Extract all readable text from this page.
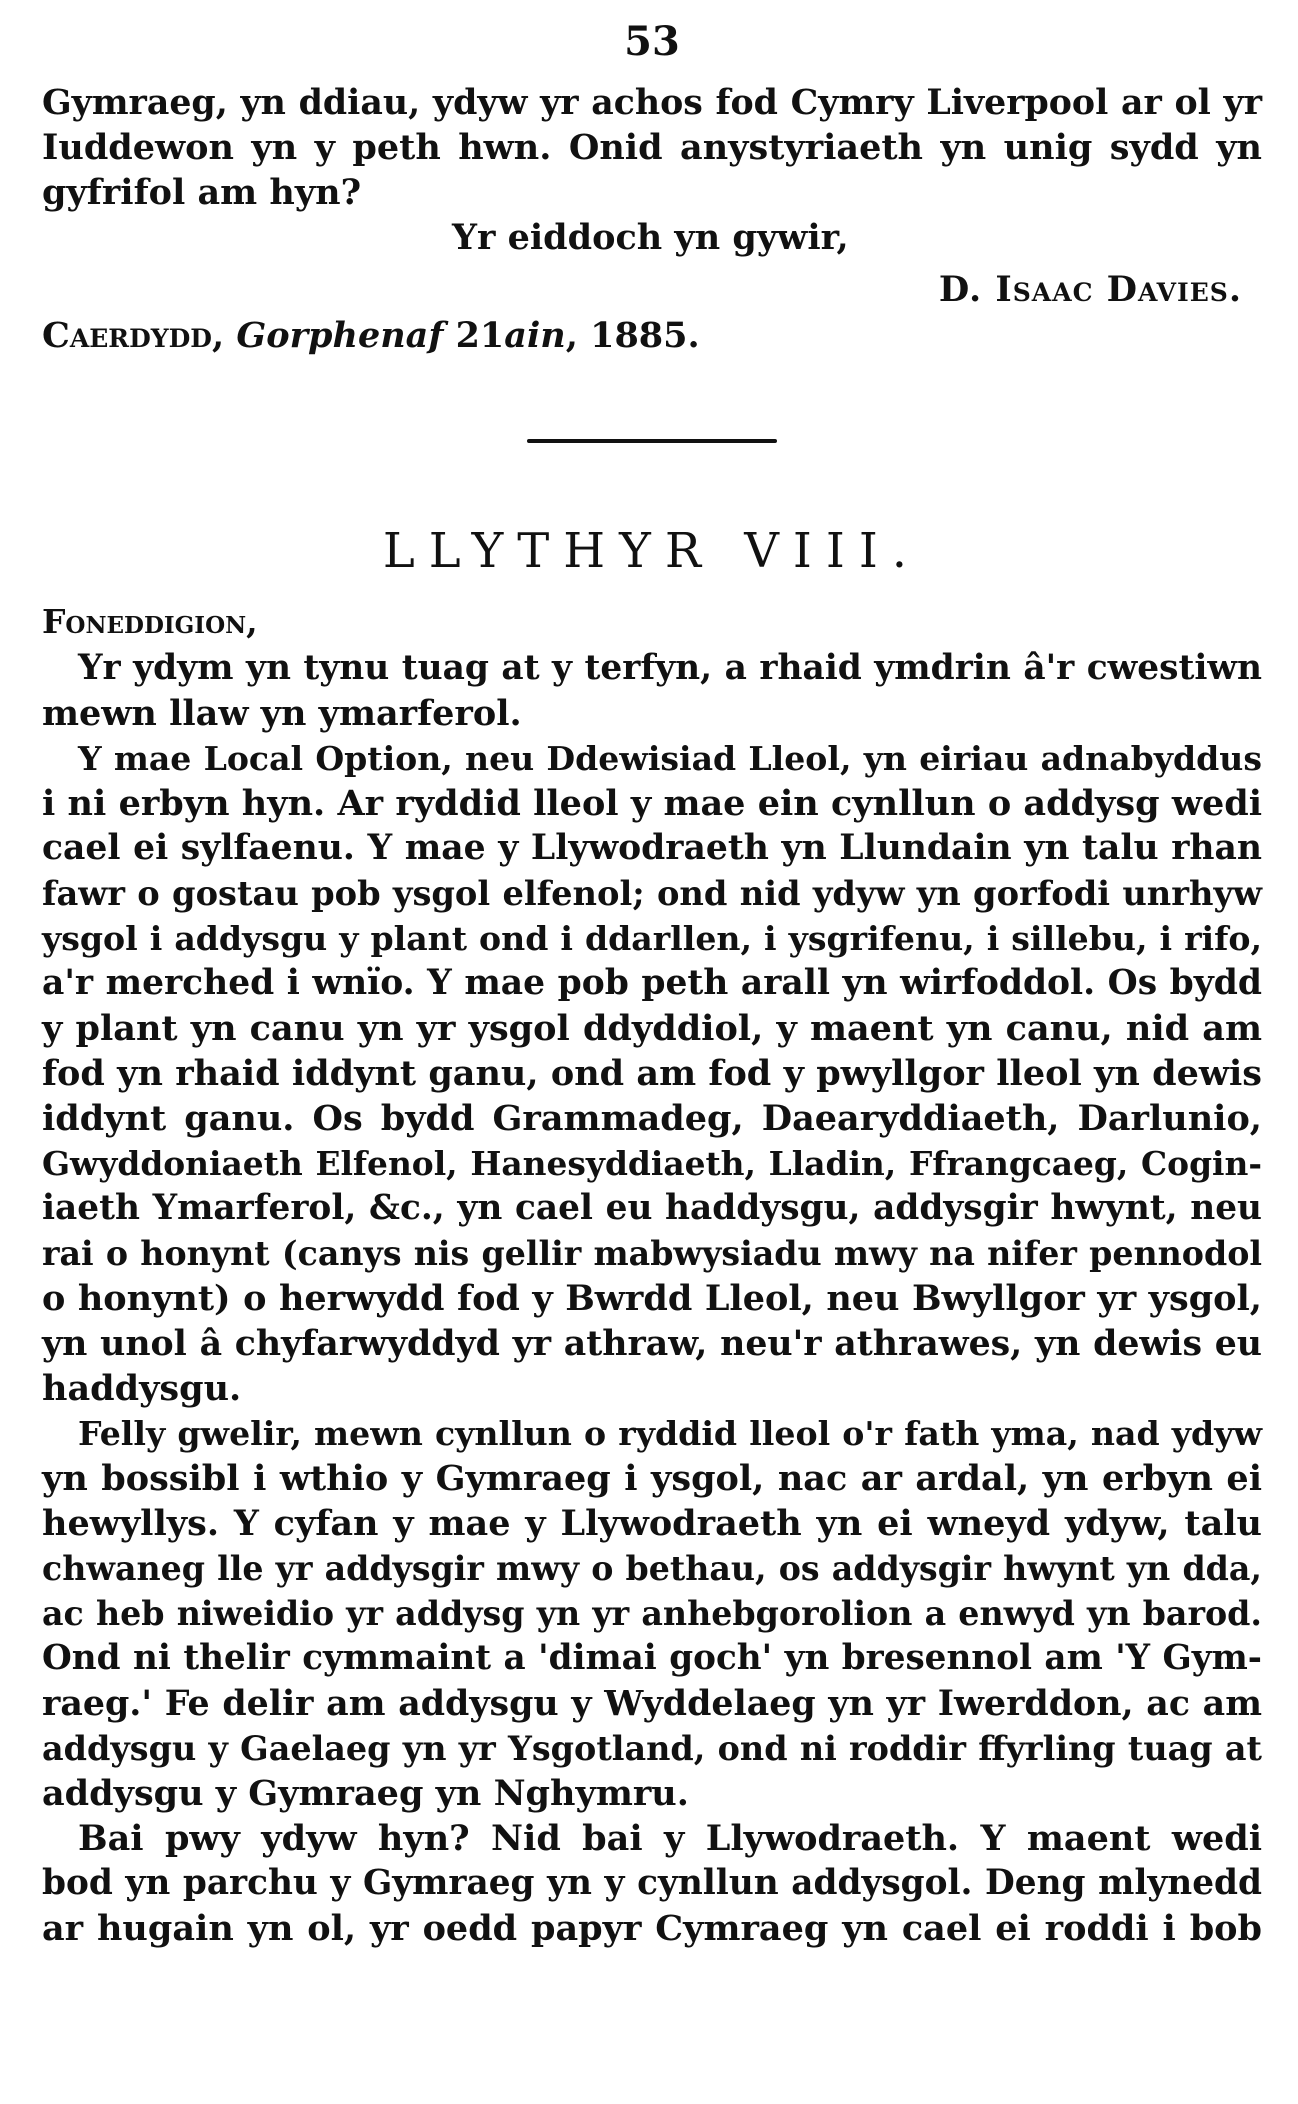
53
Gymraeg, yn ddiau, ydyw yr achos fod Cymry Liverpool ar ol yr
Iuddewon yn y peth hwn. Onid anystyriaeth yn unig sydd yn
gyfrifol am hyn?
Yr eiddoch yn gywir,
D. Isaac Davies.
Caerdydd, Gorphenaf 21ain, 1885.
LLYTHYR VIII.
Foneddigion,
Yr ydym yn tynu tuag at y terfyn, a rhaid ymdrin â'r cwestiwn
mewn llaw yn ymarferol.
Y mae Local Option, neu Ddewisiad Lleol, yn eiriau adnabyddus
i ni erbyn hyn. Ar ryddid lleol y mae ein cynllun o addysg wedi
cael ei sylfaenu. Y mae y Llywodraeth yn Llundain yn talu rhan
fawr o gostau pob ysgol elfenol; ond nid ydyw yn gorfodi unrhyw
ysgol i addysgu y plant ond i ddarllen, i ysgrifenu, i sillebu, i rifo,
a'r merched i wnïo. Y mae pob peth arall yn wirfoddol. Os bydd
y plant yn canu yn yr ysgol ddyddiol, y maent yn canu, nid am
fod yn rhaid iddynt ganu, ond am fod y pwyllgor lleol yn dewis
iddynt ganu. Os bydd Grammadeg, Daearyddiaeth, Darlunio,
Gwyddoniaeth Elfenol, Hanesyddiaeth, Lladin, Ffrangcaeg, Cogin-
iaeth Ymarferol, &c., yn cael eu haddysgu, addysgir hwynt, neu
rai o honynt (canys nis gellir mabwysiadu mwy na nifer pennodol
o honynt) o herwydd fod y Bwrdd Lleol, neu Bwyllgor yr ysgol,
yn unol â chyfarwyddyd yr athraw, neu'r athrawes, yn dewis eu
haddysgu.
Felly gwelir, mewn cynllun o ryddid lleol o'r fath yma, nad ydyw
yn bossibl i wthio y Gymraeg i ysgol, nac ar ardal, yn erbyn ei
hewyllys. Y cyfan y mae y Llywodraeth yn ei wneyd ydyw, talu
chwaneg lle yr addysgir mwy o bethau, os addysgir hwynt yn dda,
ac heb niweidio yr addysg yn yr anhebgorolion a enwyd yn barod.
Ond ni thelir cymmaint a 'dimai goch' yn bresennol am 'Y Gym-
raeg.' Fe delir am addysgu y Wyddelaeg yn yr Iwerddon, ac am
addysgu y Gaelaeg yn yr Ysgotland, ond ni roddir ffyrling tuag at
addysgu y Gymraeg yn Nghymru.
Bai pwy ydyw hyn? Nid bai y Llywodraeth. Y maent wedi
bod yn parchu y Gymraeg yn y cynllun addysgol. Deng mlynedd
ar hugain yn ol, yr oedd papyr Cymraeg yn cael ei roddi i bob
